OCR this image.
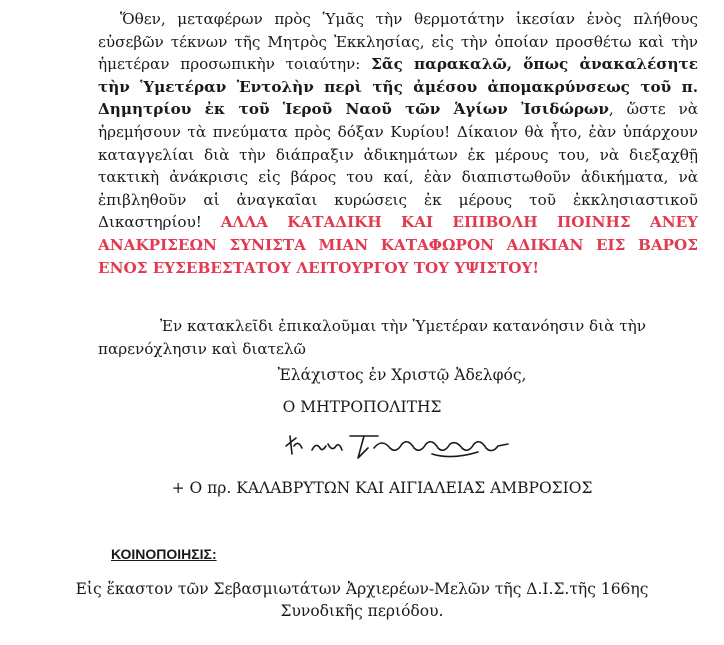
Ὅθεν, μεταφέρων πρὸς Ὑμᾶς τὴν θερμοτάτην ἱκεσίαν ἑνὸς πλήθους εὐσεβῶν τέκνων τῆς Μητρὸς Ἐκκλησίας, εἰς τὴν ὁποίαν προσθέτω καὶ τὴν ἡμετέραν προσωπικὴν τοιαύτην: Σᾶς παρακαλῶ, ὅπως ἀνακαλέσητε τὴν Ὑμετέραν Ἐντολὴν περὶ τῆς ἀμέσου ἀπομακρύνσεως τοῦ π. Δημητρίου ἐκ τοῦ Ἱεροῦ Ναοῦ τῶν Ἁγίων Ἰσιδώρων, ὥστε νὰ ἠρεμήσουν τὰ πνεύματα πρὸς δόξαν Κυρίου! Δίκαιον θὰ ἦτο, ἐὰν ὑπάρχουν καταγγελίαι διὰ τὴν διάπραξιν ἀδικημάτων ἐκ μέρους του, νὰ διεξαχθῇ τακτικὴ ἀνάκρισις εἰς βάρος του καί, ἐὰν διαπιστωθοῦν ἀδικήματα, νὰ ἐπιβληθοῦν αἱ ἀναγκαῖαι κυρώσεις ἐκ μέρους τοῦ ἐκκλησιαστικοῦ Δικαστηρίου! ΑΛΛΑ ΚΑΤΑΔΙΚΗ ΚΑΙ ΕΠΙΒΟΛΗ ΠΟΙΝΗΣ ΑΝΕΥ ΑΝΑΚΡΙΣΕΩΝ ΣΥΝΙΣΤΑ ΜΙΑΝ ΚΑΤΑΦΩΡΟΝ ΑΔΙΚΙΑΝ ΕΙΣ ΒΑΡΟΣ ΕΝΟΣ ΕΥΣΕΒΕΣΤΑΤΟΥ ΛΕΙΤΟΥΡΓΟΥ ΤΟΥ ΥΨΙΣΤΟΥ!

Ἐν κατακλεῖδι ἐπικαλοῦμαι τὴν Ὑμετέραν κατανόησιν διὰ τὴν παρενόχλησιν καὶ διατελῶ

Ἐλάχιστος ἐν Χριστῷ Ἀδελφός,
Ο ΜΗΤΡΟΠΟΛΙΤΗΣ
+ Ο πρ. ΚΑΛΑΒΡΥΤΩΝ ΚΑΙ ΑΙΓΙΑΛΕΙΑΣ ΑΜΒΡΟΣΙΟΣ
ΚΟΙΝΟΠΟΙΗΣΙΣ:
Εἰς ἕκαστον τῶν Σεβασμιωτάτων Ἀρχιερέων-Μελῶν τῆς Δ.Ι.Σ.τῆς 166ης
Συνοδικῆς περιόδου.
